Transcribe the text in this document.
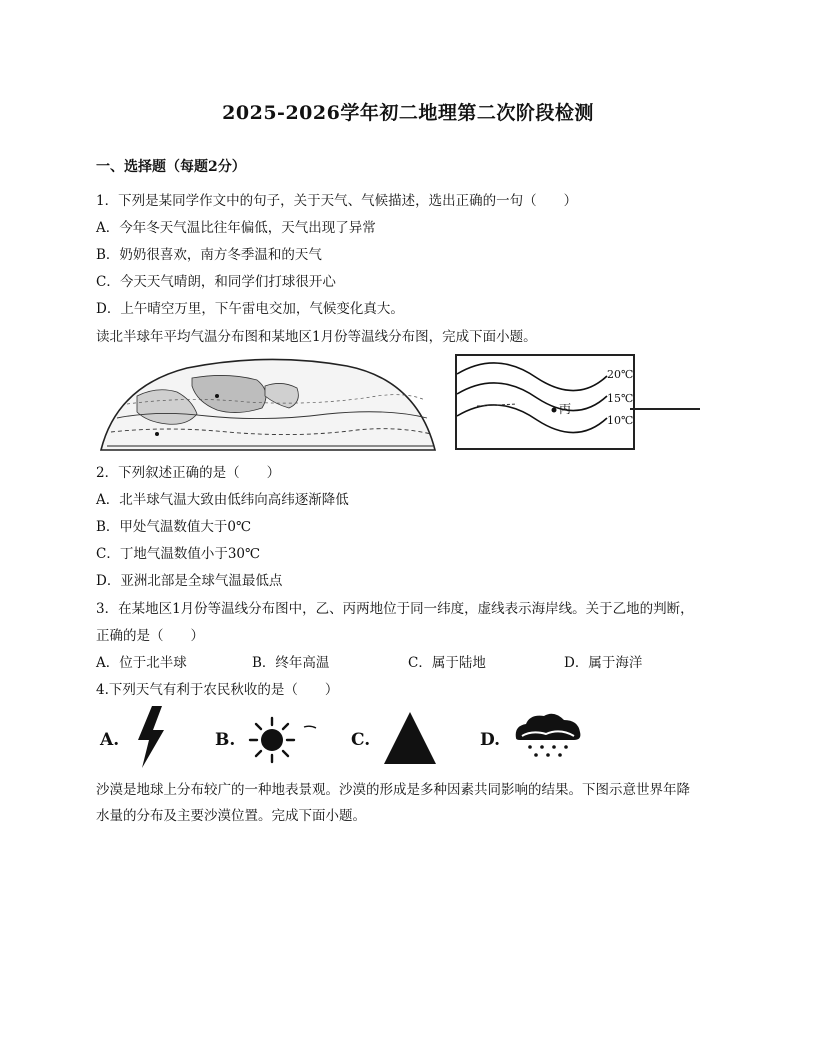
2025-2026学年初二地理第二次阶段检测
一、选择题（每题2分）
1．下列是某同学作文中的句子，关于天气、气候描述，选出正确的一句（　　）
A．今年冬天气温比往年偏低，天气出现了异常
B．奶奶很喜欢，南方冬季温和的天气
C．今天天气晴朗，和同学们打球很开心
D．上午晴空万里，下午雷电交加，气候变化真大。
读北半球年平均气温分布图和某地区1月份等温线分布图，完成下面小题。
20℃
15℃
10℃
丙
2．下列叙述正确的是（　　）
A．北半球气温大致由低纬向高纬逐渐降低
B．甲处气温数值大于0℃
C．丁地气温数值小于30℃
D．亚洲北部是全球气温最低点
3．在某地区1月份等温线分布图中，乙、丙两地位于同一纬度，虚线表示海岸线。关于乙地的判断，
正确的是（　　）
A．位于北半球	B．终年高温	C．属于陆地	D．属于海洋
4.下列天气有利于农民秋收的是（　　）
A.	B.	C.	D.
沙漠是地球上分布较广的一种地表景观。沙漠的形成是多种因素共同影响的结果。下图示意世界年降
水量的分布及主要沙漠位置。完成下面小题。
